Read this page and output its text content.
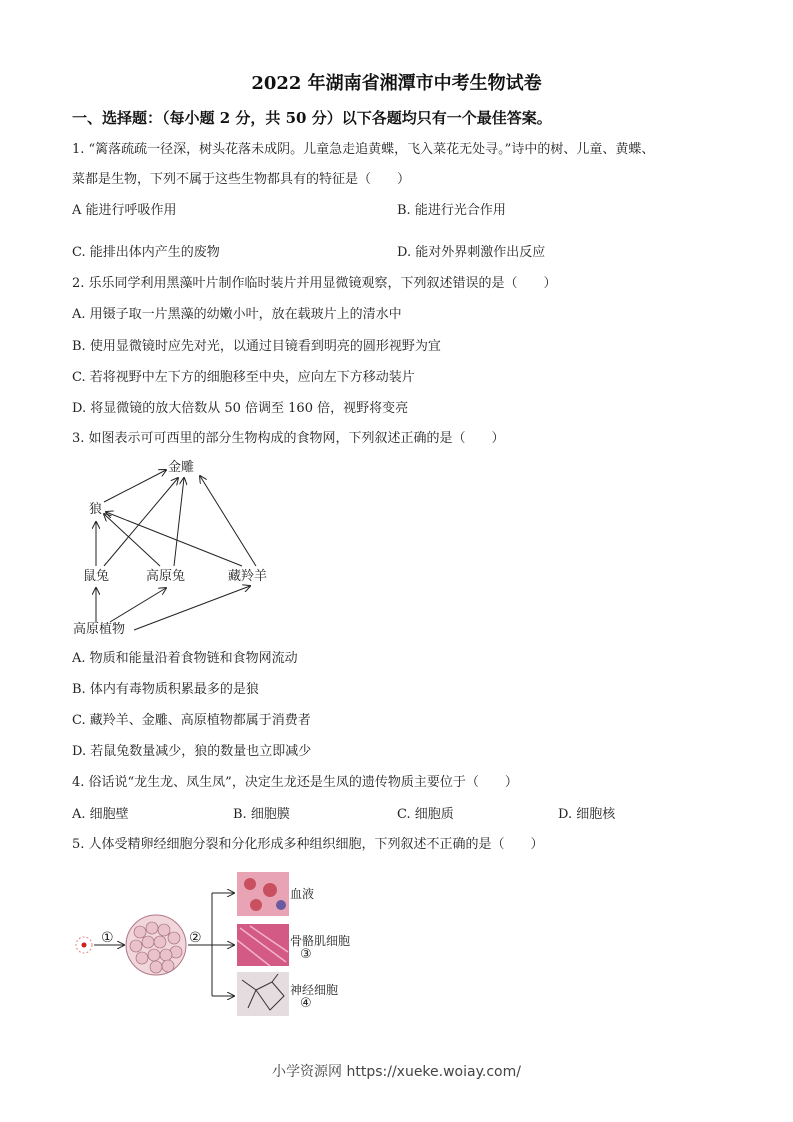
2022 年湖南省湘潭市中考生物试卷
一、选择题：（每小题 2 分，共 50 分）以下各题均只有一个最佳答案。
1. “篱落疏疏一径深，树头花落未成阴。儿童急走追黄蝶，飞入菜花无处寻。”诗中的树、儿童、黄蝶、
菜都是生物，下列不属于这些生物都具有的特征是（　　）
A 能进行呼吸作用	B. 能进行光合作用
C. 能排出体内产生的废物	D. 能对外界刺激作出反应
2. 乐乐同学利用黑藻叶片制作临时装片并用显微镜观察，下列叙述错误的是（　　）
A. 用镊子取一片黑藻的幼嫩小叶，放在载玻片上的清水中
B. 使用显微镜时应先对光，以通过目镜看到明亮的圆形视野为宜
C. 若将视野中左下方的细胞移至中央，应向左下方移动装片
D. 将显微镜的放大倍数从 50 倍调至 160 倍，视野将变亮
3. 如图表示可可西里的部分生物构成的食物网，下列叙述正确的是（　　）
金雕
狼
鼠兔	高原兔	藏羚羊
高原植物
A. 物质和能量沿着食物链和食物网流动
B. 体内有毒物质积累最多的是狼
C. 藏羚羊、金雕、高原植物都属于消费者
D. 若鼠兔数量减少，狼的数量也立即减少
4. 俗话说“龙生龙、凤生凤”，决定生龙还是生凤的遗传物质主要位于（　　）
A. 细胞壁	B. 细胞膜	C. 细胞质	D. 细胞核
5. 人体受精卵经细胞分裂和分化形成多种组织细胞，下列叙述不正确的是（　　）
①	②
血液
骨骼肌细胞
③
神经细胞
④
小学资源网 https://xueke.woiay.com/
